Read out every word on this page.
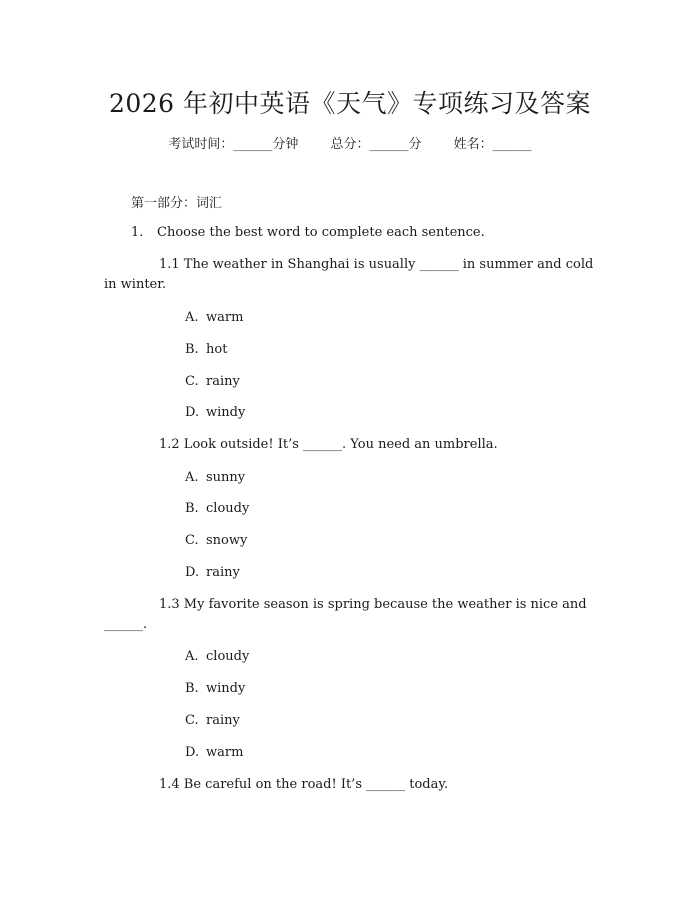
2026 年初中英语《天气》专项练习及答案
考试时间：______分钟 总分：______分 姓名：______
第一部分：词汇
1. Choose the best word to complete each sentence.
1.1 The weather in Shanghai is usually ______ in summer and cold
in winter.
A. warm
B. hot
C. rainy
D. windy
1.2 Look outside! It’s ______. You need an umbrella.
A. sunny
B. cloudy
C. snowy
D. rainy
1.3 My favorite season is spring because the weather is nice and
______.
A. cloudy
B. windy
C. rainy
D. warm
1.4 Be careful on the road! It’s ______ today.
